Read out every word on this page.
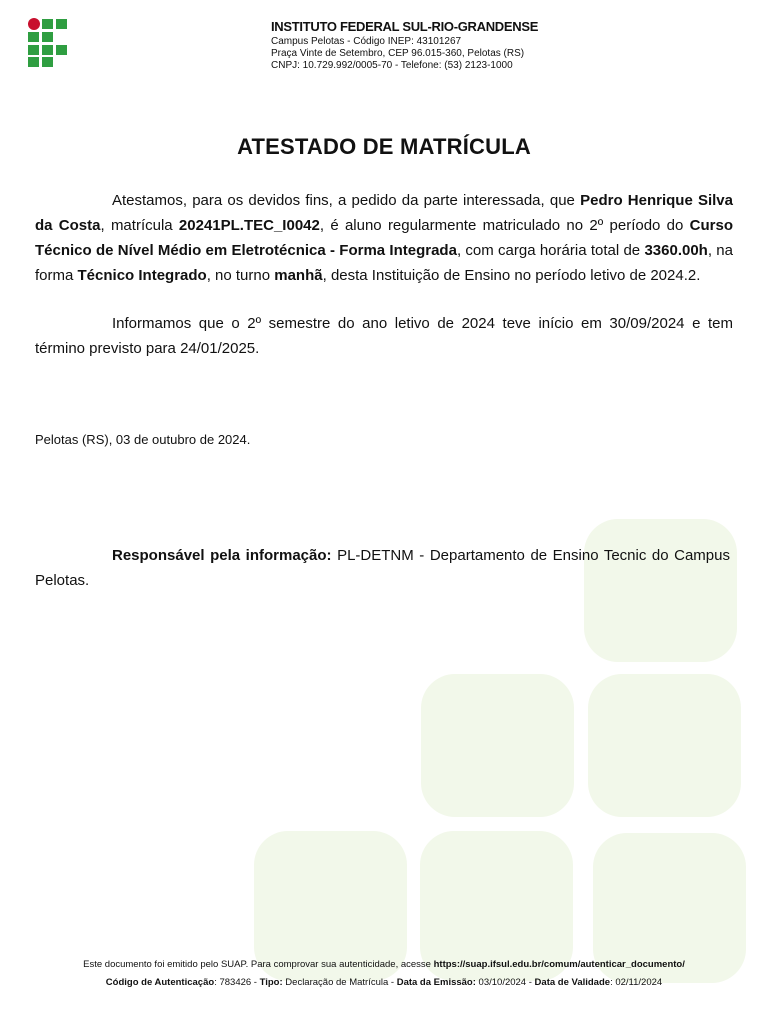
INSTITUTO FEDERAL SUL-RIO-GRANDENSE
Campus Pelotas - Código INEP: 43101267
Praça Vinte de Setembro, CEP 96.015-360, Pelotas (RS)
CNPJ: 10.729.992/0005-70 - Telefone: (53) 2123-1000
ATESTADO DE MATRÍCULA
Atestamos, para os devidos fins, a pedido da parte interessada, que Pedro Henrique Silva da Costa, matrícula 20241PL.TEC_I0042, é aluno regularmente matriculado no 2º período do Curso Técnico de Nível Médio em Eletrotécnica - Forma Integrada, com carga horária total de 3360.00h, na forma Técnico Integrado, no turno manhã, desta Instituição de Ensino no período letivo de 2024.2.
Informamos que o 2º semestre do ano letivo de 2024 teve início em 30/09/2024 e tem término previsto para 24/01/2025.
Pelotas (RS), 03 de outubro de 2024.
Responsável pela informação: PL-DETNM - Departamento de Ensino Tecnic do Campus Pelotas.
Este documento foi emitido pelo SUAP. Para comprovar sua autenticidade, acesse https://suap.ifsul.edu.br/comum/autenticar_documento/
Código de Autenticação: 783426 - Tipo: Declaração de Matrícula - Data da Emissão: 03/10/2024 - Data de Validade: 02/11/2024
